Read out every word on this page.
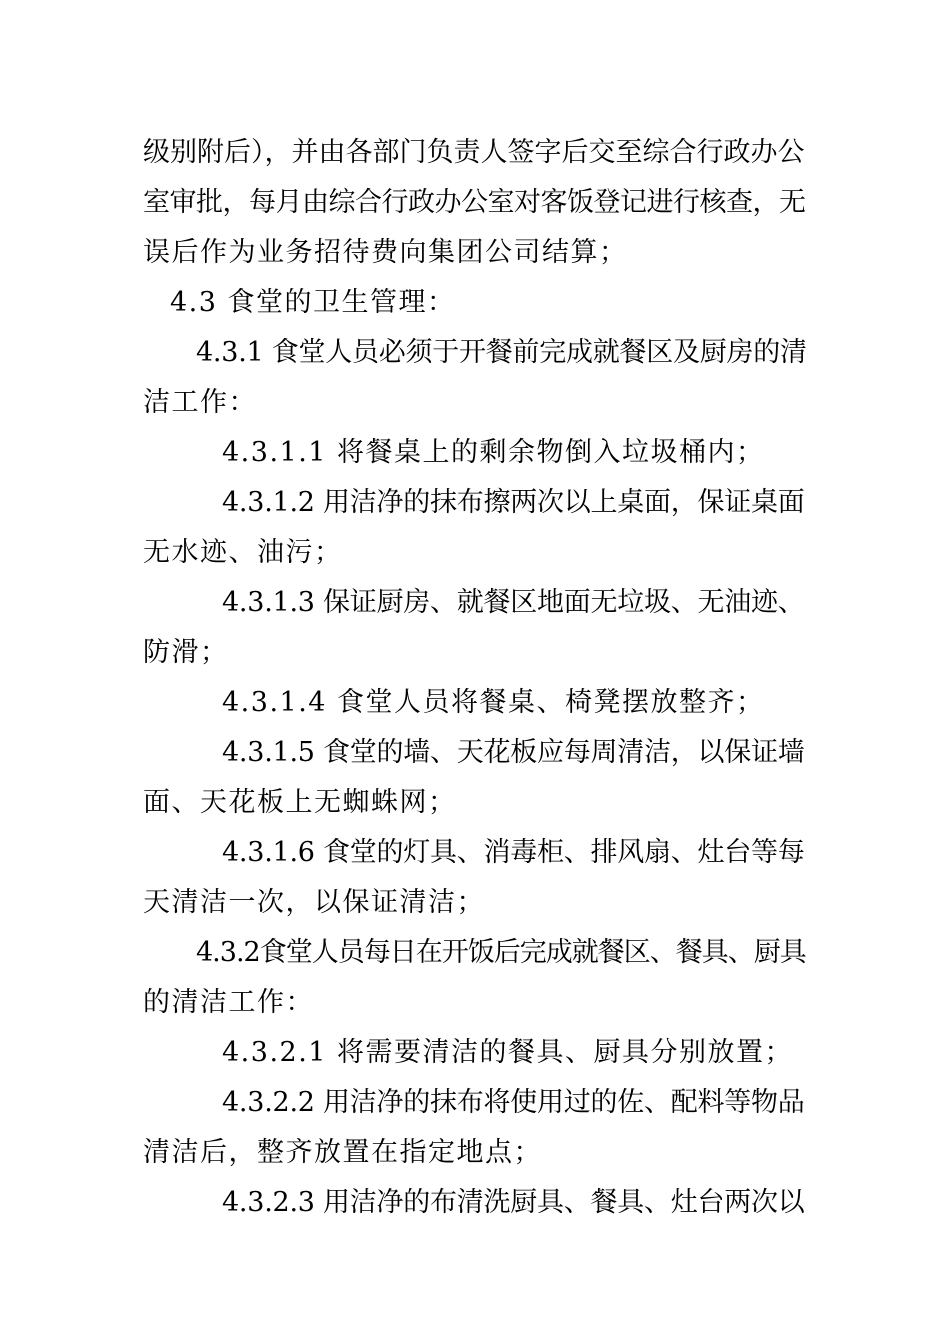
级别附后），并由各部门负责人签字后交至综合行政办公
室审批，每月由综合行政办公室对客饭登记进行核查，无
误后作为业务招待费向集团公司结算；
4.3 食堂的卫生管理：
4.3.1 食堂人员必须于开餐前完成就餐区及厨房的清
洁工作：
4.3.1.1 将餐桌上的剩余物倒入垃圾桶内；
4.3.1.2 用洁净的抹布擦两次以上桌面，保证桌面
无水迹、油污；
4.3.1.3 保证厨房、就餐区地面无垃圾、无油迹、
防滑；
4.3.1.4 食堂人员将餐桌、椅凳摆放整齐；
4.3.1.5 食堂的墙、天花板应每周清洁，以保证墙
面、天花板上无蜘蛛网；
4.3.1.6 食堂的灯具、消毒柜、排风扇、灶台等每
天清洁一次，以保证清洁；
4.3.2食堂人员每日在开饭后完成就餐区、餐具、厨具
的清洁工作：
4.3.2.1 将需要清洁的餐具、厨具分别放置；
4.3.2.2 用洁净的抹布将使用过的佐、配料等物品
清洁后，整齐放置在指定地点；
4.3.2.3 用洁净的布清洗厨具、餐具、灶台两次以
